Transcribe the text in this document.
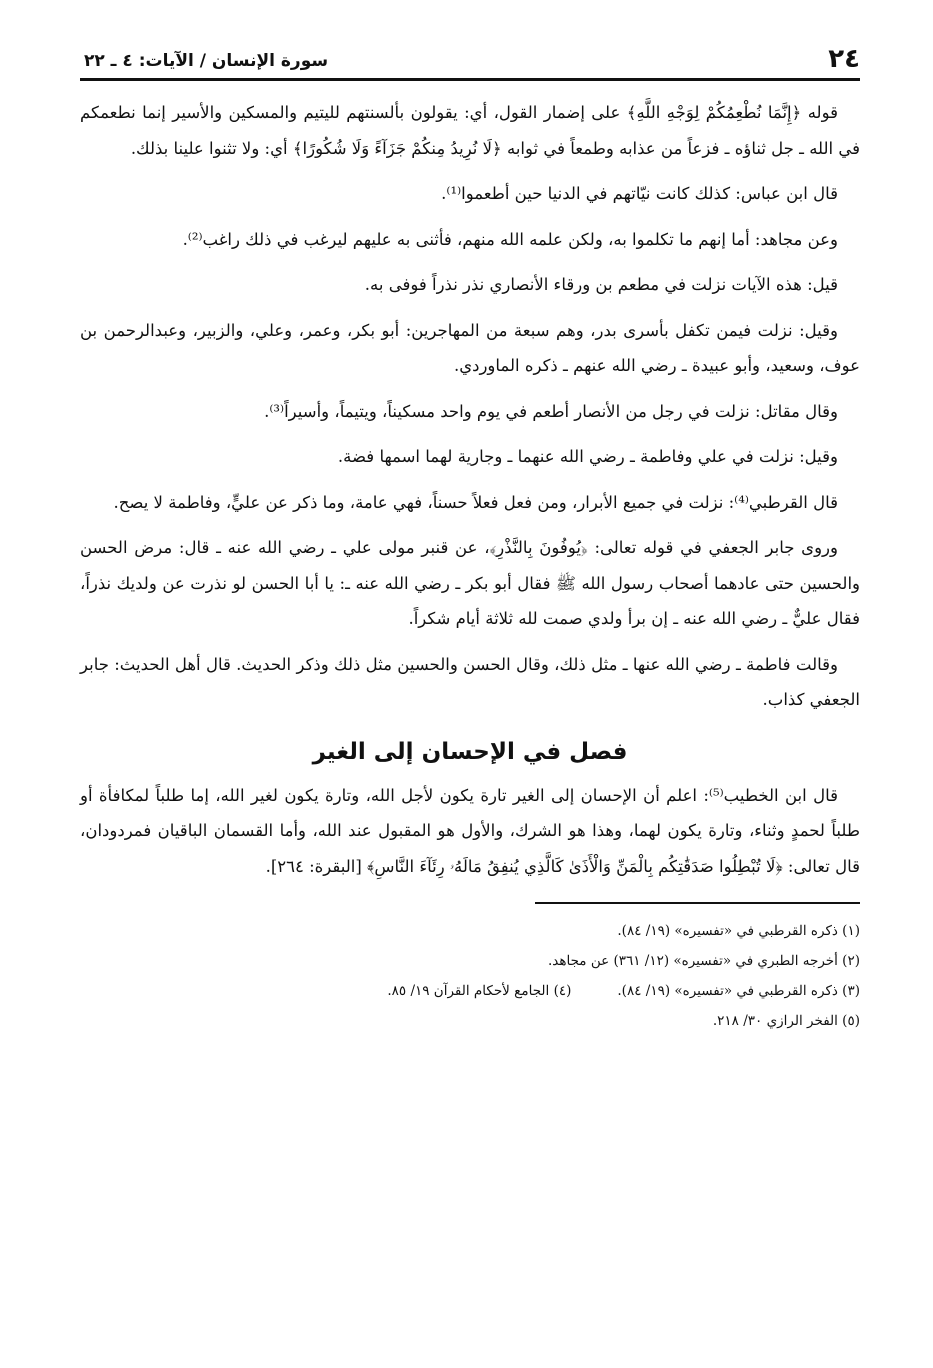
٢٤
سورة الإنسان / الآيات: ٤ ـ ٢٢

قوله ﴿إِنَّمَا نُطْعِمُكُمْ لِوَجْهِ اللَّهِ﴾ على إضمار القول، أي: يقولون بألسنتهم لليتيم والمسكين والأسير إنما نطعمكم في الله ـ جل ثناؤه ـ فزعاً من عذابه وطمعاً في ثوابه ﴿لَا نُرِيدُ مِنكُمْ جَزَآءً وَلَا شُكُورًا﴾ أي: ولا تثنوا علينا بذلك.

قال ابن عباس: كذلك كانت نيّاتهم في الدنيا حين أطعموا⁽¹⁾.

وعن مجاهد: أما إنهم ما تكلموا به، ولكن علمه الله منهم، فأثنى به عليهم ليرغب في ذلك راغب⁽²⁾.

قيل: هذه الآيات نزلت في مطعم بن ورقاء الأنصاري نذر نذراً فوفى به.

وقيل: نزلت فيمن تكفل بأسرى بدر، وهم سبعة من المهاجرين: أبو بكر، وعمر، وعلي، والزبير، وعبدالرحمن بن عوف، وسعيد، وأبو عبيدة ـ رضي الله عنهم ـ ذكره الماوردي.

وقال مقاتل: نزلت في رجل من الأنصار أطعم في يوم واحد مسكيناً، ويتيماً، وأسيراً⁽³⁾.

وقيل: نزلت في علي وفاطمة ـ رضي الله عنهما ـ وجارية لهما اسمها فضة.

قال القرطبي⁽⁴⁾: نزلت في جميع الأبرار، ومن فعل فعلاً حسناً، فهي عامة، وما ذكر عن عليٍّ، وفاطمة لا يصح.

وروى جابر الجعفي في قوله تعالى: ﴿يُوفُونَ بِالنَّذْرِ﴾، عن قنبر مولى علي ـ رضي الله عنه ـ قال: مرض الحسن والحسين حتى عادهما أصحاب رسول الله ﷺ فقال أبو بكر ـ رضي الله عنه ـ: يا أبا الحسن لو نذرت عن ولديك نذراً، فقال عليٌّ ـ رضي الله عنه ـ إن برأ ولدي صمت لله ثلاثة أيام شكراً.

وقالت فاطمة ـ رضي الله عنها ـ مثل ذلك، وقال الحسن والحسين مثل ذلك وذكر الحديث. قال أهل الحديث: جابر الجعفي كذاب.

فصل في الإحسان إلى الغير

قال ابن الخطيب⁽⁵⁾: اعلم أن الإحسان إلى الغير تارة يكون لأجل الله، وتارة يكون لغير الله، إما طلباً لمكافأة أو طلباً لحمدٍ وثناء، وتارة يكون لهما، وهذا هو الشرك، والأول هو المقبول عند الله، وأما القسمان الباقيان فمردودان، قال تعالى: ﴿لَا تُبْطِلُوا صَدَقَٰتِكُم بِالْمَنِّ وَالْأَذَىٰ كَالَّذِي يُنفِقُ مَالَهُۥ رِئَآءَ النَّاسِ﴾ [البقرة: ٢٦٤].

(١) ذكره القرطبي في «تفسيره» (١٩/ ٨٤).

(٢) أخرجه الطبري في «تفسيره» (١٢/ ٣٦١) عن مجاهد.

(٣) ذكره القرطبي في «تفسيره» (١٩/ ٨٤).

(٤) الجامع لأحكام القرآن ١٩/ ٨٥.

(٥) الفخر الرازي ٣٠/ ٢١٨.
